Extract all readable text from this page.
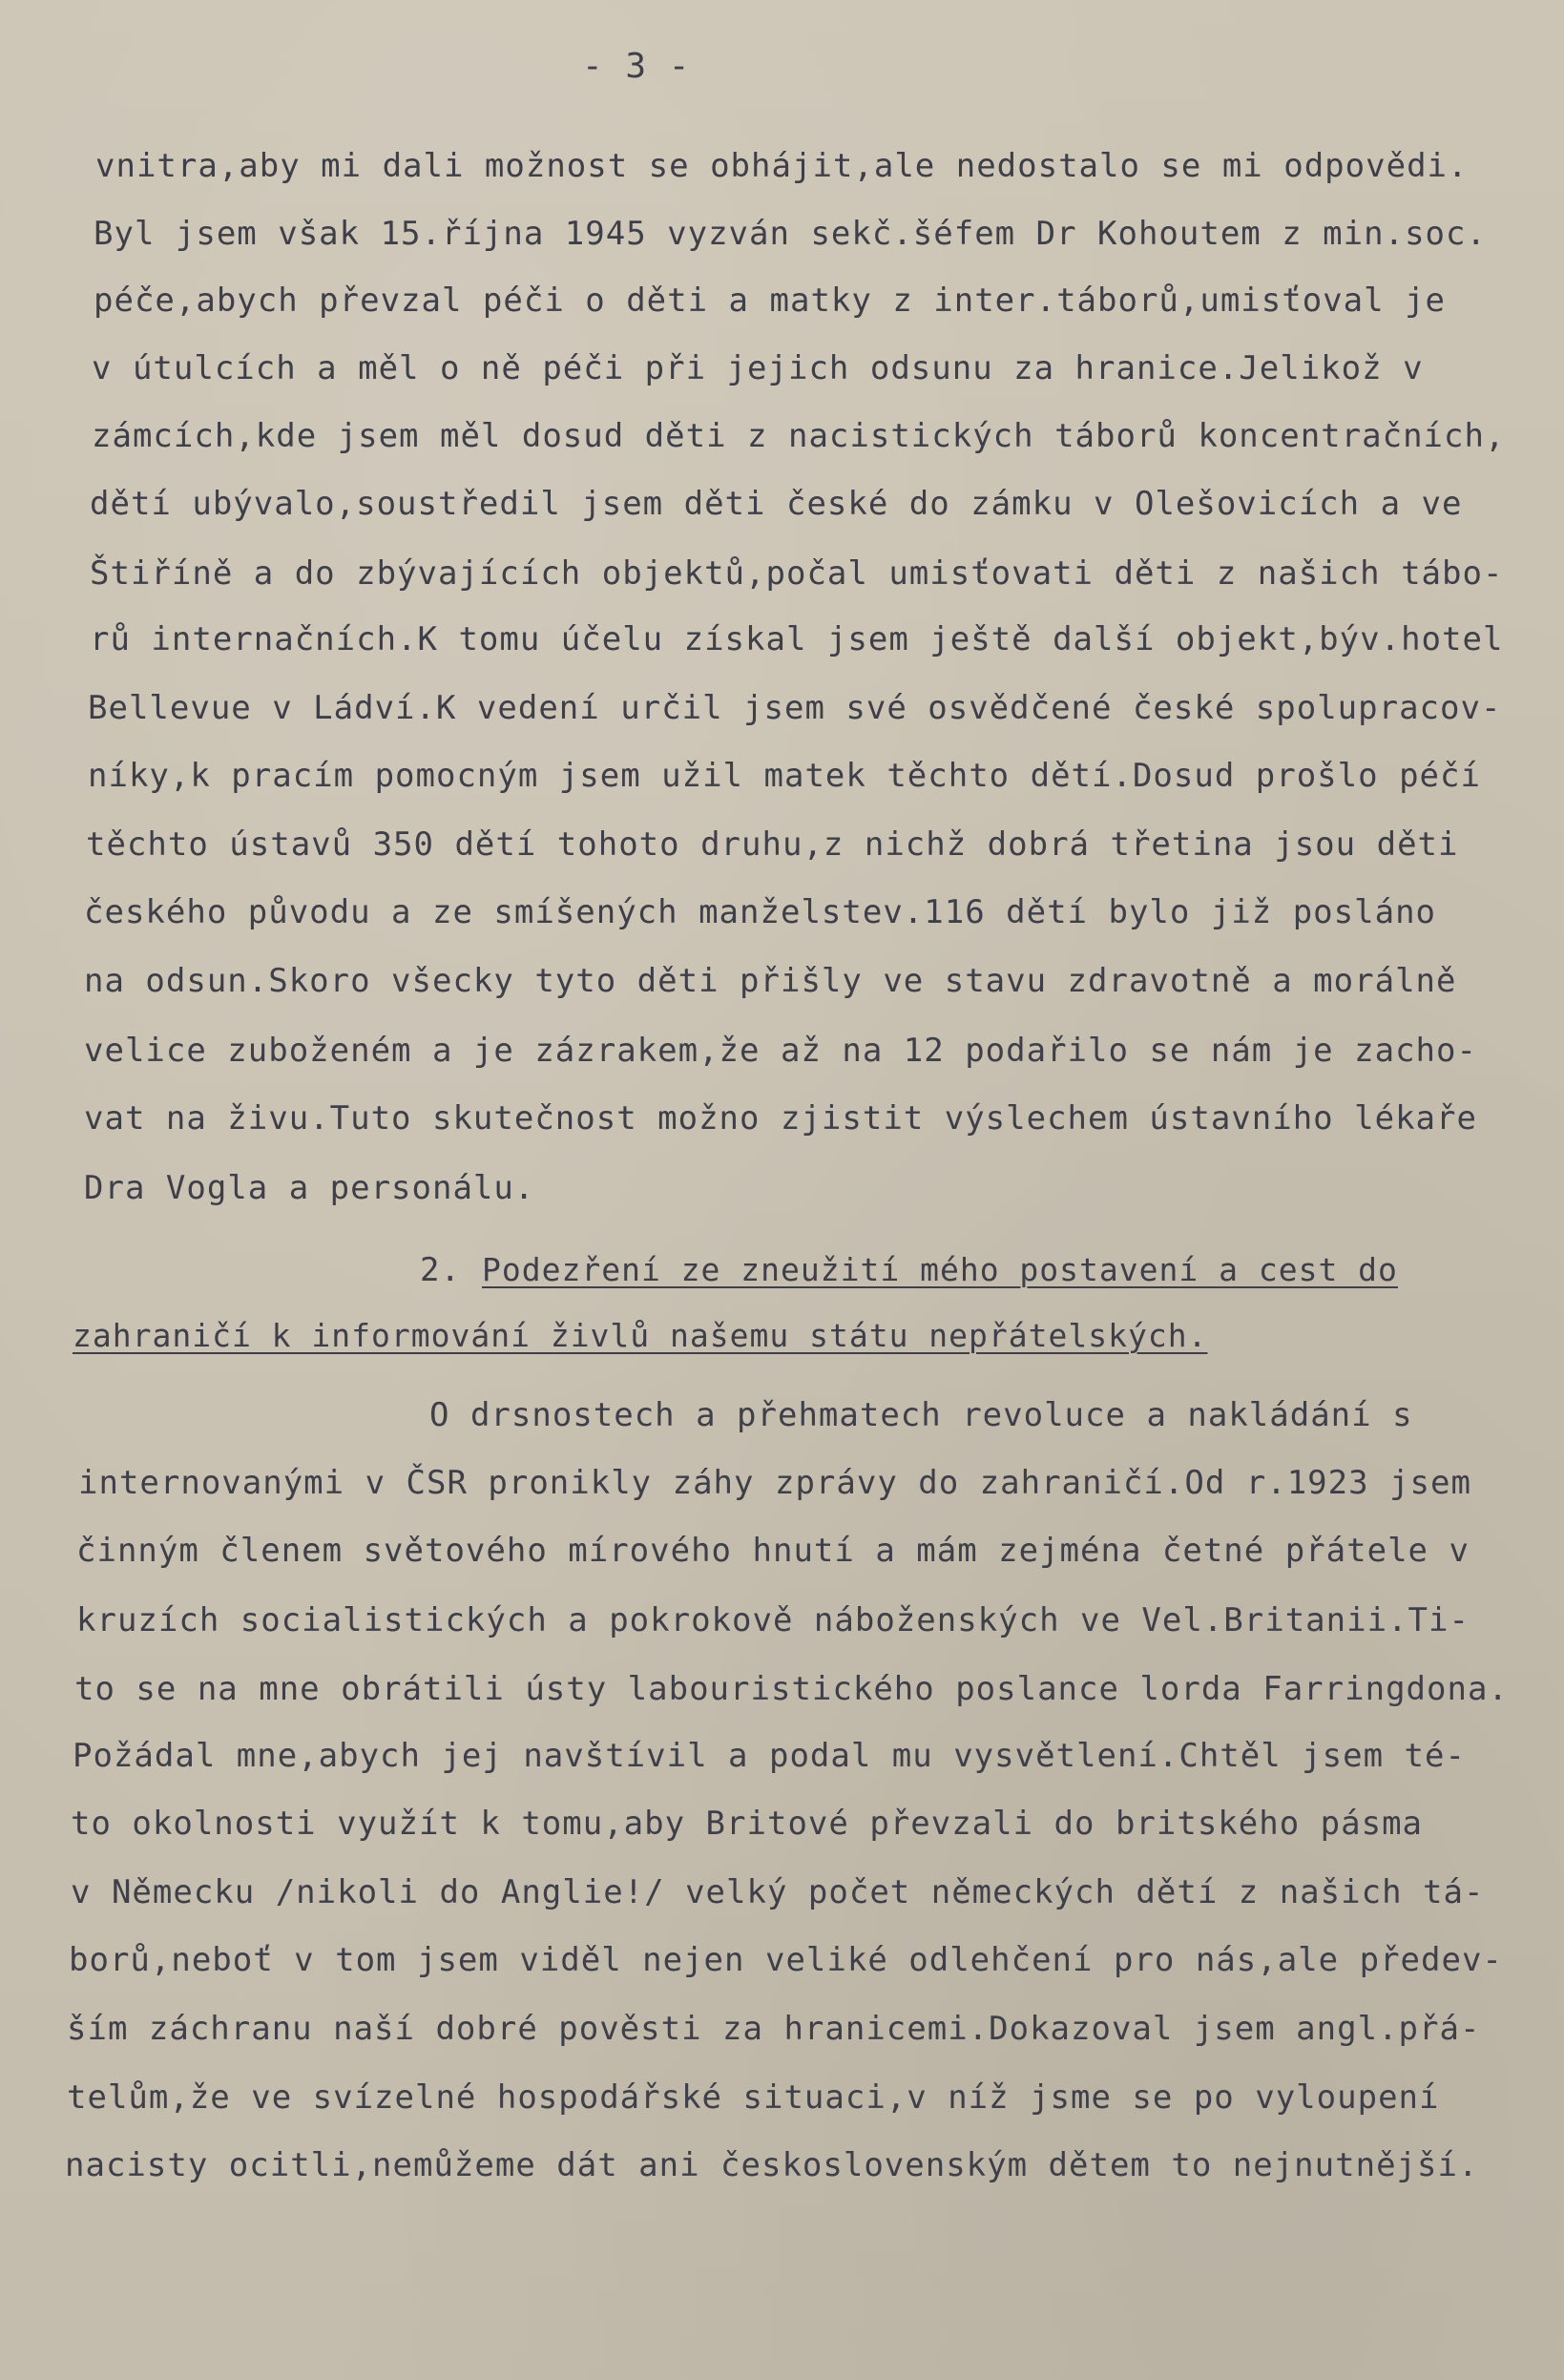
- 3 -
vnitra,aby mi dali možnost se obhájit,ale nedostalo se mi odpovědi.
Byl jsem však 15.října 1945 vyzván sekč.šéfem Dr Kohoutem z min.soc.
péče,abych převzal péči o děti a matky z inter.táborů,umisťoval je
v útulcích a měl o ně péči při jejich odsunu za hranice.Jelikož v
zámcích,kde jsem měl dosud děti z nacistických táborů koncentračních,
dětí ubývalo,soustředil jsem děti české do zámku v Olešovicích a ve
Štiříně a do zbývajících objektů,počal umisťovati děti z našich tábo-
rů internačních.K tomu účelu získal jsem ještě další objekt,býv.hotel
Bellevue v Ládví.K vedení určil jsem své osvědčené české spolupracov-
níky,k pracím pomocným jsem užil matek těchto dětí.Dosud prošlo péčí
těchto ústavů 350 dětí tohoto druhu,z nichž dobrá třetina jsou děti
českého původu a ze smíšených manželstev.116 dětí bylo již posláno
na odsun.Skoro všecky tyto děti přišly ve stavu zdravotně a morálně
velice zuboženém a je zázrakem,že až na 12 podařilo se nám je zacho-
vat na živu.Tuto skutečnost možno zjistit výslechem ústavního lékaře
Dra Vogla a personálu.
2. Podezření ze zneužití mého postavení a cest do
zahraničí k informování živlů našemu státu nepřátelských.
O drsnostech a přehmatech revoluce a nakládání s
internovanými v ČSR pronikly záhy zprávy do zahraničí.Od r.1923 jsem
činným členem světového mírového hnutí a mám zejména četné přátele v
kruzích socialistických a pokrokově náboženských ve Vel.Britanii.Ti-
to se na mne obrátili ústy labouristického poslance lorda Farringdona.
Požádal mne,abych jej navštívil a podal mu vysvětlení.Chtěl jsem té-
to okolnosti využít k tomu,aby Britové převzali do britského pásma
v Německu /nikoli do Anglie!/ velký počet německých dětí z našich tá-
borů,neboť v tom jsem viděl nejen veliké odlehčení pro nás,ale předev-
ším záchranu naší dobré pověsti za hranicemi.Dokazoval jsem angl.přá-
telům,že ve svízelné hospodářské situaci,v níž jsme se po vyloupení
nacisty ocitli,nemůžeme dát ani československým dětem to nejnutnější.
